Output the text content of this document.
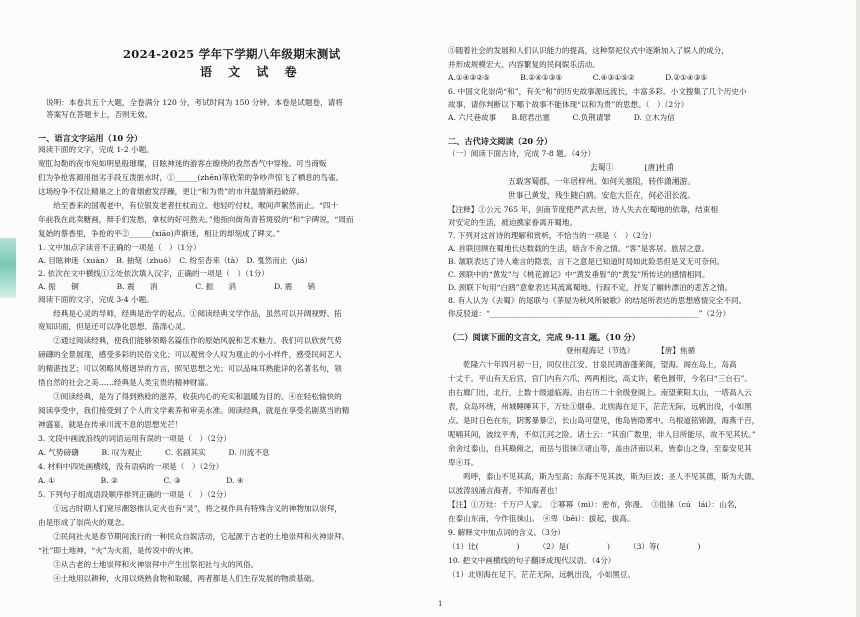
2024-2025 学年下学期八年级期末测试
语 文 试 卷
说明：本卷共五个大题，全卷满分 120 分，考试时间为 150 分钟。本卷是试题卷，请将
答案写在答题卡上，否则无效。
一、语言文字运用（10 分）
阅读下面的文字，完成 1-2 小题。
宽肛勾勒的夜市宛如明星般璀璨，目眩神迷的游客在缭绕的孜然香气中穿梭。可当商贩
们为争抢客源用拙劣手段互泼脏水时，①______(zhēn)等欣荣的争吵声惊飞了栖息的鸟雀。
这场纷争不仅让精巢之上的青烟愈发浮躁，更让“和为贵”的市井温情渐趋破碎。
　　给至香来的国观老中，有位银发老者拄杖而立。他轻咛付杖，喉间声絮然而止。“四十
年前我在此卖糖画，辩手们发愁，拿杖的好可熬夫。”他指向街角青苔斑驳的“和”字碑说，“周而
复始的蔡香里，争抢的平②______(xiāo)声渐迷，相让的却刻成了碑文。”
1. 文中加点字读音不正确的一项是（　）（1分）
A. 目眩神迷（xuàn）　B. 抽刻（zhuó）　C. 纷至沓来（tà）　D. 戛然而止（jiá）
2. 依次在文中横线①②处依次填入汉字，正确的一项是（　）（1分）
A. 振　　铜　　　　　B. 震　　消　　　　　C. 振　　消　　　　　D. 震　　销
阅读下面的文字，完成 3-4 小题。
　　经典是心灵的导师，经典是治学的起点。①阅读经典文学作品，虽然可以开阔视野、拓
宽知识面，但是还可以净化思想、荡涤心灵。
　　②通过阅读经典，使我们能够领略名篇佳作的原始风貌和艺术魅力。我们可以欣赏气势
磅礴的全景展现，感受多彩的民俗文化；可以观赏令人叹为观止的小小样件，感受民间艺人
的精湛技艺；可以领略风格迥异的方言，照见思想之光；可以品味耳熟能详的名著名句，领
悟自然的社会之美……经典是人类宝贵的精神财富。
　　③阅读经典，是为了得到熟稔的滋养，收获内心的充实和温暖为目的。④在轻松愉快的
阅读享受中，我们接受到了个人的文学素养和审美水准。阅读经典，就是在享受名剧莫当的精
神盛宴，就是在传承川流不息的思想光芒！
3. 文段中画波浪线的词语运用有误的一项是（　）（2分）
A. 气势磅礴　　　B. 叹为观止　　　C. 名剧其实　　　D. 川流不息
4. 材料中四处画横线，没有语病的一项是（　）（2分）
A. ①　　　　　　B. ②　　　　　　C. ③　　　　　　D. ④
5. 下列句子组成语段顺序排列正确的一项是（　）（2分）
　　①远古时期人们宽尽潮怒推认定火也有“灵”，将之视作具有特殊含义的神物加以崇拜，
由是形成了崇尚火的观念。
　　②民间社火是春节期间流行的一种民众自娱活动，它起源于古老的土地崇拜和火神崇拜。
“社”即土地神，“火”为火祖，是传说中的火神。
　　③从古老的土地崇拜和火神崇拜中产生出祭祀社与火的风俗。
　　④土地用以耕种，火用以烧熟食物和取暖，两者都是人们生存发展的物质基础。
⑤随着社会的发展和人们认识能力的提高，这种祭祀仪式中逐渐加入了娱人的成分，
并形成规模宏大、内容繁复的民间娱乐活动。
A.①④③②⑤　　　　B.②④①③⑤　　　　C.④③①⑤②　　　　D.②①④③⑤
6. 中国文化崇尚“和”，有关“和”的历史故事源远流长，丰富多彩。小文搜集了几个历史小
故事，请你判断以下哪个故事不能体现“以和为贵”的思想。（　）（2分）
A. 六尺巷故事　　B.昭君出塞　　　C.负荆请罪　　　D. 立木为信
二、古代诗文阅读（20 分）
（一）阅读下面古诗，完成 7-8 题。（4分）
去蜀①　　　　[唐]杜甫
五载客蜀郡，一年居梓州。如何关塞阻，转作潇湘游。
世事已黄发，残生随白鸥。安危大臣在，何必泪长流。
【注释】①公元 765 年，剑南节度使严武去世，诗人失去在蜀地的依靠，结束相
对安定的生活，被迫携家眷离开蜀地。
7. 下列对这首诗的理解和赏析，不恰当的一项是（　）（2分）
A. 首联回顾在蜀地长达数载的生活，暗含不舍之情。“客”是客居、旅居之意。
B. 颔联表达了诗人难言的隐衷，言下之意是已知道时局如此险恶但是又无可奈何。
C. 颈联中的“黄发”与《桃花源记》中“黄发垂髫”的“黄发”所传达的感情相同。
D. 颈联下句用“白鸥”意象表达其流寓蜀地、行踪不定，抒发了辗转漂泊的悲苦之情。
8. 有人认为《去蜀》的尾联与《茅屋为秋风所破歌》的结尾所表达的思想感情完全不同。
你反驳道：“_______________________________________________________”（2分）
（二）阅读下面的文言文，完成 9-11 题。（10 分）
登州观海记（节选）　　　　【唐】焦循
　　乾隆六十年四月初一日，同仅往江安、甘泉民鸿游蓬莱阁，望海。阁在岛上，岛高
十丈千。平山有天后宫，宫门内有六爪，两两相比，高丈许，紫色圆带，今名曰“三台石”。
由右廊门出，北行，上数十级道临海。由右历二十余级登阁上。南望莱阳太山，一塔高入云
表，众岛环绕，州城睡睡其下，万灶①烟垂。北则海在足下，茫茫无际，远帆出没，小如黑
点。是时日色在东，阴雾暴暴②，长山岛可望见，他岛皆隐雾中。乌根道铭锦源，海燕千百，
呢喃其间，波纹平秀，不似江河之险。诸士云：“其浪广数里，非人目所能尽，故不见其状。”
余舍过泰山，自其巅俯之，而岳与徂徕③诸山等，盖由济南以来，皆泰山之身，至泰安见其
卑④耳。
　　鸣呼，泰山不见其高，斯为至高；东海不见其波，斯为巨波；圣人不见其德，斯为大德。
以波涛汹涌言海者，不知海者也！
【注】①万灶：千万户人家。　②幂幂（mì）：密布，弥漫。　③徂徕（cú　lái）：山名，
在泰山东南，今作徂徕山。　④卑（bēi）：拔起，拔高。
9. 解释文中加点词的含义。（3分）
（1）比(　　　　　)　　　（2）是(　　　　　)　　　（3）等(　　　　　)
10. 把文中画横线的句子翻译成现代汉语。（4分）
（1）北则海在足下，茫茫无际，远帆出没，小如黑豆。
1
